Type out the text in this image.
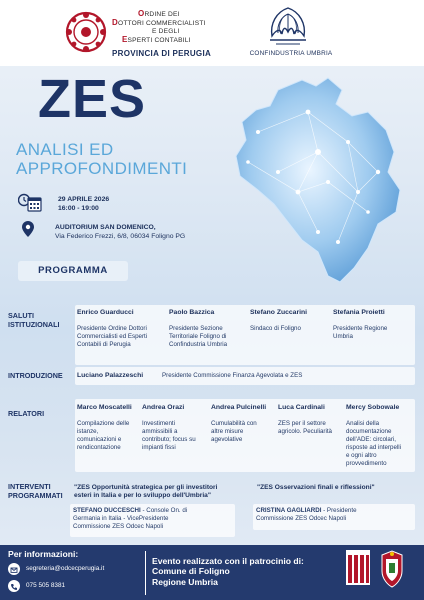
ORDINE DEI
DOTTORI COMMERCIALISTI
E DEGLI
ESPERTI CONTABILI
PROVINCIA DI PERUGIA	CONFINDUSTRIA UMBRIA
ZES
ANALISI ED
APPROFONDIMENTI
29 APRILE 2026
16:00 - 19:00
AUDITORIUM SAN DOMENICO,
Via Federico Frezzi, 6/8, 06034 Foligno PG
PROGRAMMA
SALUTI
ISTITUZIONALI
Enrico Guarducci
Presidente Ordine Dottori
Commercialisti ed Esperti
Contabili di Perugia
Paolo Bazzica
Presidente Sezione
Territoriale Foligno di
Confindustria Umbria
Stefano Zuccarini
Sindaco di Foligno
Stefania Proietti
Presidente Regione
Umbria
INTRODUZIONE Luciano Palazzeschi	Presidente Commissione Finanza Agevolata e ZES
RELATORI
Marco Moscatelli
Compilazione delle
istanze,
comunicazioni e
rendicontazione
Andrea Orazi
Investimenti
ammissibili a
contributo; focus su
impianti fissi
Andrea Pulcinelli
Cumulabilità con
altre misure
agevolative
Luca Cardinali
ZES per il settore
agricolo. Peculiarità
Mercy Sobowale
Analisi della
documentazione
dell'ADE: circolari,
risposte ad interpelli
e ogni altro
provvedimento
INTERVENTI
PROGRAMMATI
"ZES Opportunità strategica per gli investitori
esteri in Italia e per lo sviluppo dell'Umbria"
STEFANO DUCCESCHI - Console On. di
Germania in Italia - VicePresidente
Commissione ZES Odcec Napoli
"ZES Osservazioni finali e riflessioni"
CRISTINA GAGLIARDI - Presidente
Commissione ZES Odcec Napoli
Per informazioni:
segreteria@odcecperugia.it
075 505 8381
Evento realizzato con il patrocinio di:
Comune di Foligno
Regione Umbria
